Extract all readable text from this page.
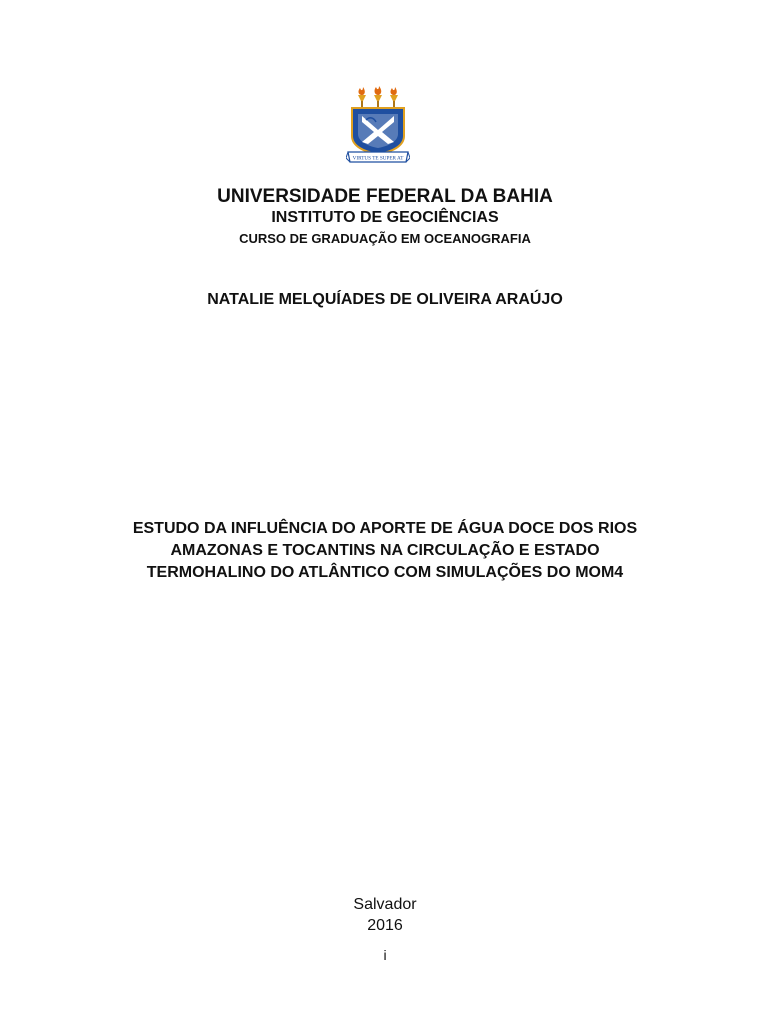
VIRTUS TE SUPER AT
UNIVERSIDADE FEDERAL DA BAHIA
INSTITUTO DE GEOCIÊNCIAS
CURSO DE GRADUAÇÃO EM OCEANOGRAFIA
NATALIE MELQUÍADES DE OLIVEIRA ARAÚJO
ESTUDO DA INFLUÊNCIA DO APORTE DE ÁGUA DOCE DOS RIOS
AMAZONAS E TOCANTINS NA CIRCULAÇÃO E ESTADO
TERMOHALINO DO ATLÂNTICO COM SIMULAÇÕES DO MOM4
Salvador
2016
i
